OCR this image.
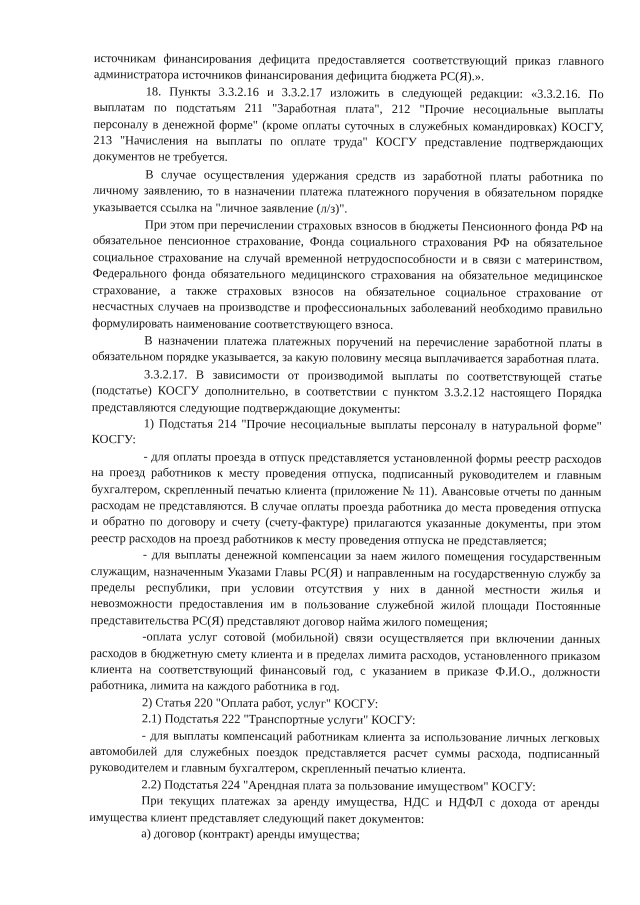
источникам финансирования дефицита предоставляется соответствующий приказ главного администратора источников финансирования дефицита бюджета РС(Я).».

18. Пункты 3.3.2.16 и 3.3.2.17 изложить в следующей редакции: «3.3.2.16. По выплатам по подстатьям 211 "Заработная плата", 212 "Прочие несоциальные выплаты персоналу в денежной форме" (кроме оплаты суточных в служебных командировках) КОСГУ, 213 "Начисления на выплаты по оплате труда" КОСГУ представление подтверждающих документов не требуется.

В случае осуществления удержания средств из заработной платы работника по личному заявлению, то в назначении платежа платежного поручения в обязательном порядке указывается ссылка на "личное заявление (л/з)".

При этом при перечислении страховых взносов в бюджеты Пенсионного фонда РФ на обязательное пенсионное страхование, Фонда социального страхования РФ на обязательное социальное страхование на случай временной нетрудоспособности и в связи с материнством, Федерального фонда обязательного медицинского страхования на обязательное медицинское страхование, а также страховых взносов на обязательное социальное страхование от несчастных случаев на производстве и профессиональных заболеваний необходимо правильно формулировать наименование соответствующего взноса.

В назначении платежа платежных поручений на перечисление заработной платы в обязательном порядке указывается, за какую половину месяца выплачивается заработная плата.

3.3.2.17. В зависимости от производимой выплаты по соответствующей статье (подстатье) КОСГУ дополнительно, в соответствии с пунктом 3.3.2.12 настоящего Порядка представляются следующие подтверждающие документы:

1) Подстатья 214 "Прочие несоциальные выплаты персоналу в натуральной форме" КОСГУ:

- для оплаты проезда в отпуск представляется установленной формы реестр расходов на проезд работников к месту проведения отпуска, подписанный руководителем и главным бухгалтером, скрепленный печатью клиента (приложение № 11). Авансовые отчеты по данным расходам не представляются. В случае оплаты проезда работника до места проведения отпуска и обратно по договору и счету (счету-фактуре) прилагаются указанные документы, при этом реестр расходов на проезд работников к месту проведения отпуска не представляется;

- для выплаты денежной компенсации за наем жилого помещения государственным служащим, назначенным Указами Главы РС(Я) и направленным на государственную службу за пределы республики, при условии отсутствия у них в данной местности жилья и невозможности предоставления им в пользование служебной жилой площади Постоянные представительства РС(Я) представляют договор найма жилого помещения;

-оплата услуг сотовой (мобильной) связи осуществляется при включении данных расходов в бюджетную смету клиента и в пределах лимита расходов, установленного приказом клиента на соответствующий финансовый год, с указанием в приказе Ф.И.О., должности работника, лимита на каждого работника в год.

2) Статья 220 "Оплата работ, услуг" КОСГУ:

2.1) Подстатья 222 "Транспортные услуги" КОСГУ:

- для выплаты компенсаций работникам клиента за использование личных легковых автомобилей для служебных поездок представляется расчет суммы расхода, подписанный руководителем и главным бухгалтером, скрепленный печатью клиента.

2.2) Подстатья 224 "Арендная плата за пользование имуществом" КОСГУ:

При текущих платежах за аренду имущества, НДС и НДФЛ с дохода от аренды имущества клиент представляет следующий пакет документов:

а) договор (контракт) аренды имущества;
